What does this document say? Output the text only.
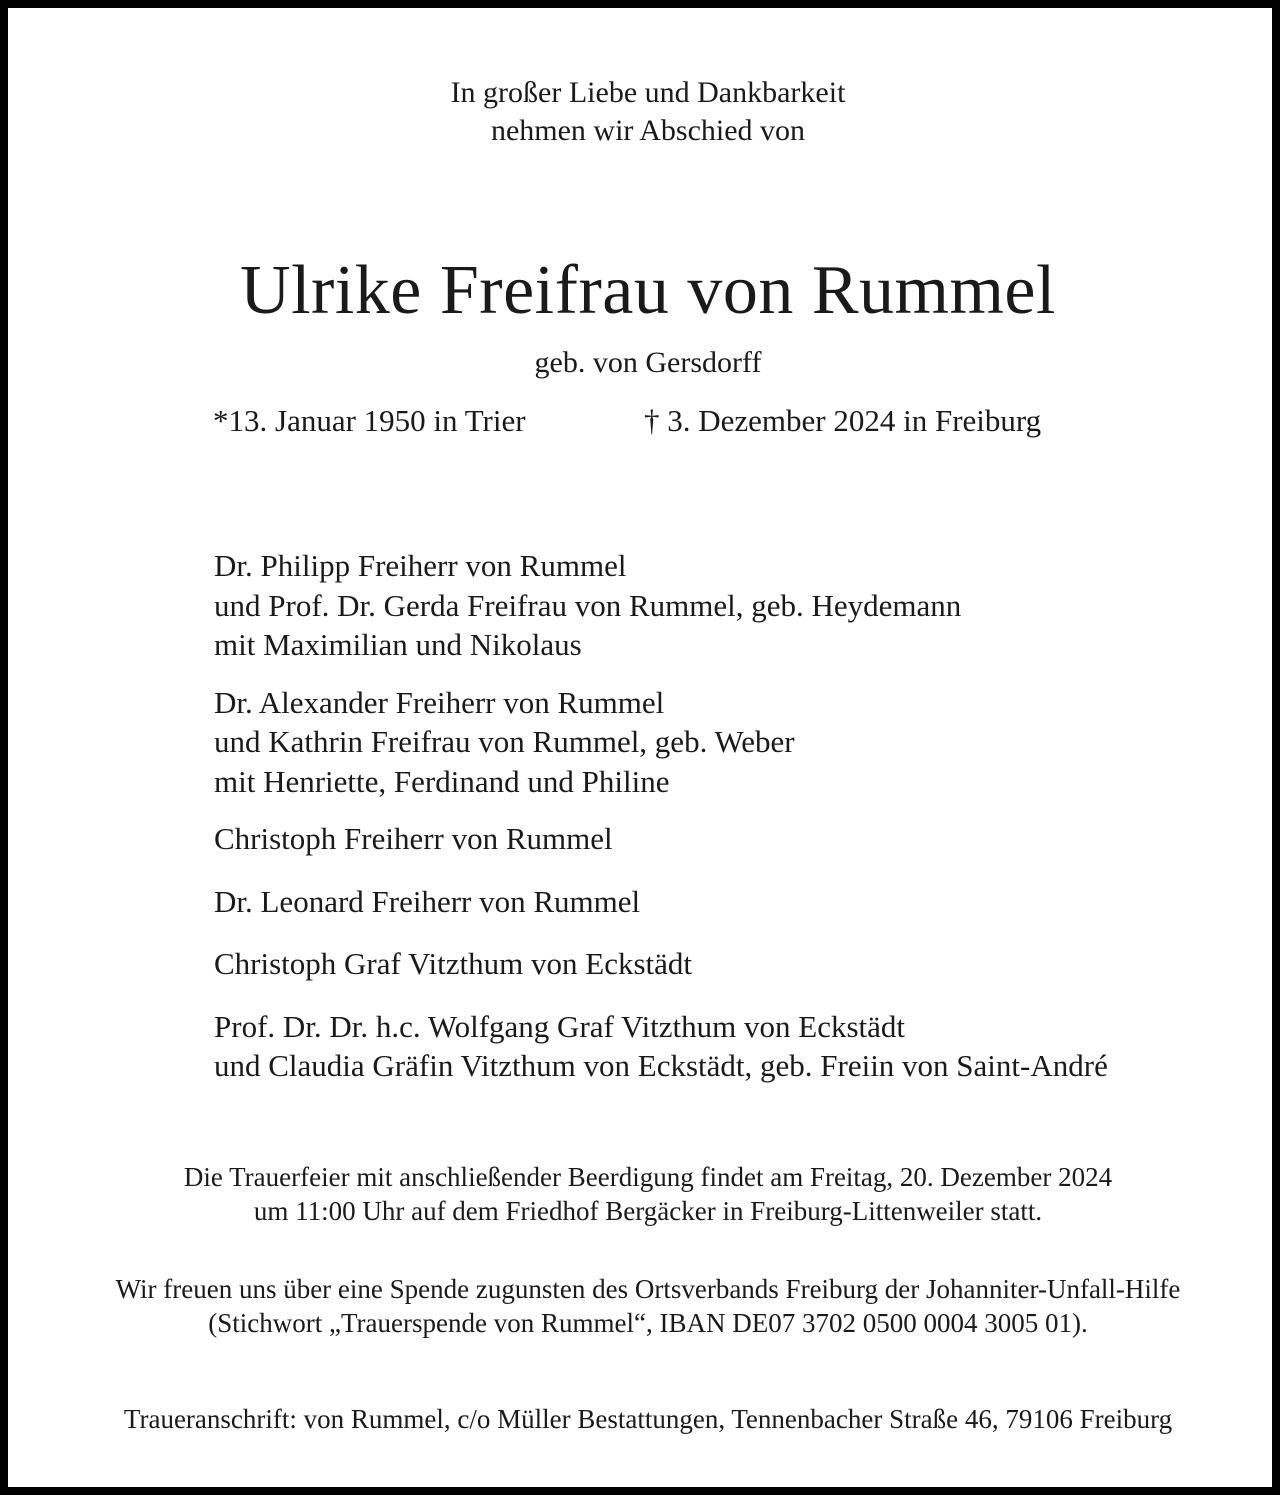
In großer Liebe und Dankbarkeit

nehmen wir Abschied von

Ulrike Freifrau von Rummel
geb. von Gersdorff
*13. Januar 1950 in Trier	† 3. Dezember 2024 in Freiburg

Dr. Philipp Freiherr von Rummel

und Prof. Dr. Gerda Freifrau von Rummel, geb. Heydemann

mit Maximilian und Nikolaus

Dr. Alexander Freiherr von Rummel

und Kathrin Freifrau von Rummel, geb. Weber

mit Henriette, Ferdinand und Philine

Christoph Freiherr von Rummel

Dr. Leonard Freiherr von Rummel

Christoph Graf Vitzthum von Eckstädt

Prof. Dr. Dr. h.c. Wolfgang Graf Vitzthum von Eckstädt

und Claudia Gräfin Vitzthum von Eckstädt, geb. Freiin von Saint-André

Die Trauerfeier mit anschließender Beerdigung findet am Freitag, 20. Dezember 2024

um 11:00 Uhr auf dem Friedhof Bergäcker in Freiburg-Littenweiler statt.

Wir freuen uns über eine Spende zugunsten des Ortsverbands Freiburg der Johanniter-Unfall-Hilfe

(Stichwort „Trauerspende von Rummel“, IBAN DE07 3702 0500 0004 3005 01).

Traueranschrift: von Rummel, c/o Müller Bestattungen, Tennenbacher Straße 46, 79106 Freiburg
